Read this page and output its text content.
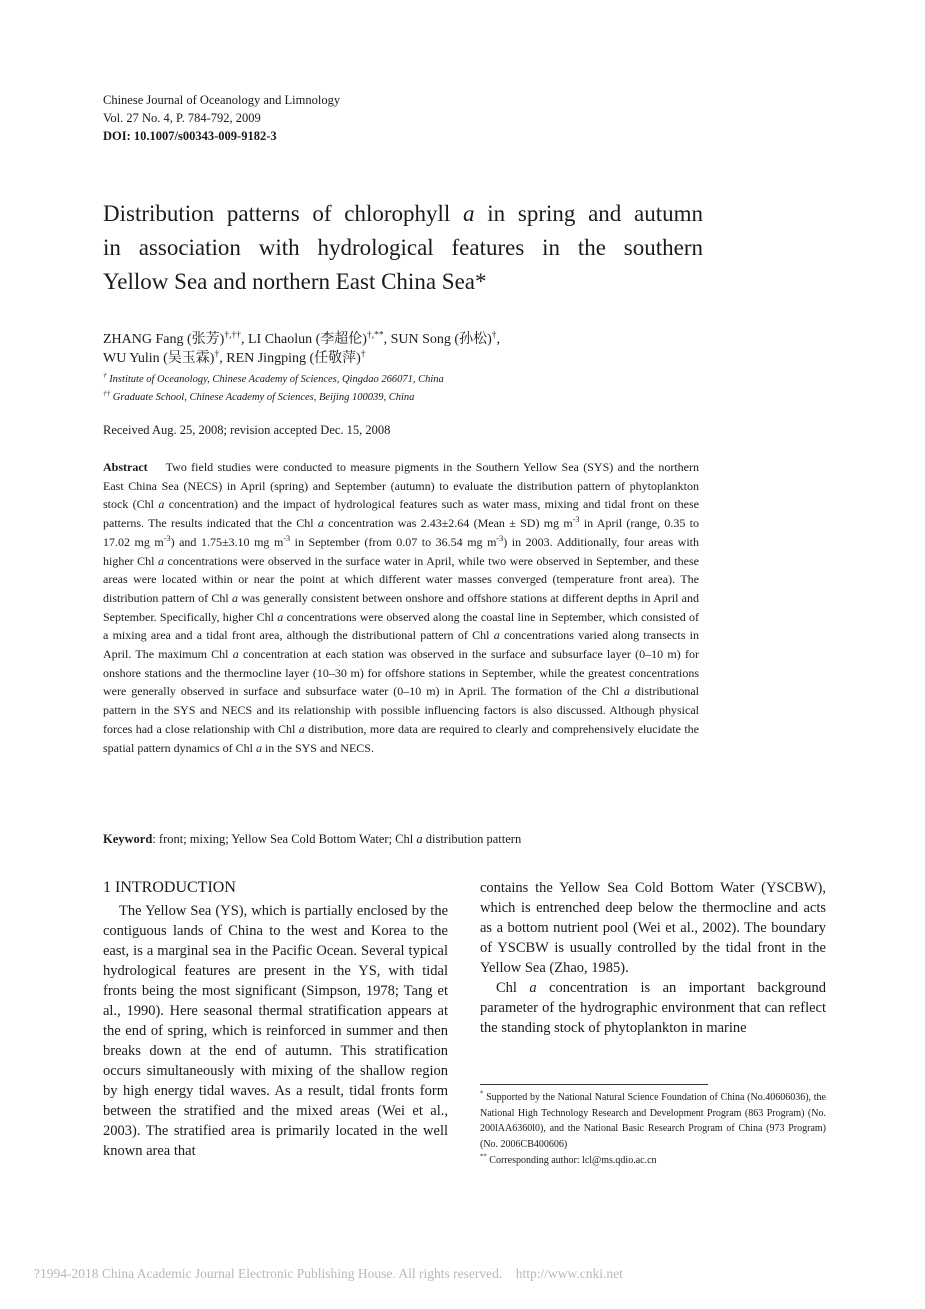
Chinese Journal of Oceanology and Limnology
Vol. 27 No. 4, P. 784-792, 2009
DOI: 10.1007/s00343-009-9182-3
Distribution patterns of chlorophyll a in spring and autumn
in association with hydrological features in the southern
Yellow Sea and northern East China Sea*
ZHANG Fang (张芳)†,††, LI Chaolun (李超伦)†,**, SUN Song (孙松)†,
WU Yulin (吴玉霖)†, REN Jingping (任敬萍)†
† Institute of Oceanology, Chinese Academy of Sciences, Qingdao 266071, China
†† Graduate School, Chinese Academy of Sciences, Beijing 100039, China
Received Aug. 25, 2008; revision accepted Dec. 15, 2008
Abstract Two field studies were conducted to measure pigments in the Southern Yellow Sea (SYS) and the northern East China Sea (NECS) in April (spring) and September (autumn) to evaluate the distribution pattern of phytoplankton stock (Chl a concentration) and the impact of hydrological features such as water mass, mixing and tidal front on these patterns. The results indicated that the Chl a concentration was 2.43±2.64 (Mean ± SD) mg $m^{-3}$ in April (range, 0.35 to 17.02 mg $m^{-3}$) and 1.75±3.10 mg $m^{-3}$ in September (from 0.07 to 36.54 mg $m^{-3}$) in 2003. Additionally, four areas with higher Chl a concentrations were observed in the surface water in April, while two were observed in September, and these areas were located within or near the point at which different water masses converged (temperature front area). The distribution pattern of Chl a was generally consistent between onshore and offshore stations at different depths in April and September. Specifically, higher Chl a concentrations were observed along the coastal line in September, which consisted of a mixing area and a tidal front area, although the distributional pattern of Chl a concentrations varied along transects in April. The maximum Chl a concentration at each station was observed in the surface and subsurface layer (0–10 m) for onshore stations and the thermocline layer (10–30 m) for offshore stations in September, while the greatest concentrations were generally observed in surface and subsurface water (0–10 m) in April. The formation of the Chl a distributional pattern in the SYS and NECS and its relationship with possible influencing factors is also discussed. Although physical forces had a close relationship with Chl a distribution, more data are required to clearly and comprehensively elucidate the spatial pattern dynamics of Chl a in the SYS and NECS.
Keyword: front; mixing; Yellow Sea Cold Bottom Water; Chl a distribution pattern
1 INTRODUCTION

The Yellow Sea (YS), which is partially enclosed by the contiguous lands of China to the west and Korea to the east, is a marginal sea in the Pacific Ocean. Several typical hydrological features are present in the YS, with tidal fronts being the most significant (Simpson, 1978; Tang et al., 1990). Here seasonal thermal stratification appears at the end of spring, which is reinforced in summer and then breaks down at the end of autumn. This stratification occurs simultaneously with mixing of the shallow region by high energy tidal waves. As a result, tidal fronts form between the stratified and the mixed areas (Wei et al., 2003). The stratified area is primarily located in the well known area that

contains the Yellow Sea Cold Bottom Water (YSCBW), which is entrenched deep below the thermocline and acts as a bottom nutrient pool (Wei et al., 2002). The boundary of YSCBW is usually controlled by the tidal front in the Yellow Sea (Zhao, 1985).

Chl a concentration is an important background parameter of the hydrographic environment that can reflect the standing stock of phytoplankton in marine

* Supported by the National Natural Science Foundation of China (No.40606036), the National High Technology Research and Development Program (863 Program) (No. 200lAA6360l0), and the National Basic Research Program of China (973 Program) (No. 2006CB400606)
** Corresponding author: lcl@ms.qdio.ac.cn
?1994-2018 China Academic Journal Electronic Publishing House. All rights reserved.    http://www.cnki.net
